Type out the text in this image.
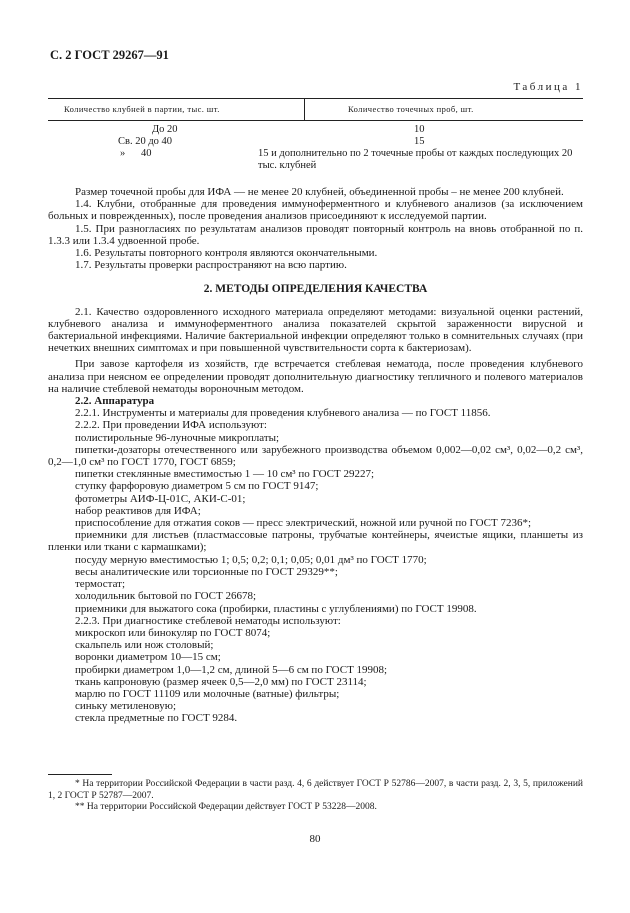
С. 2 ГОСТ 29267—91
Таблица 1
Количество клубней в партии, тыс. шт.	Количество точечных проб, шт.
До 20	10
Св. 20 до 40	15
»      40	15 и дополнительно по 2 точечные пробы от каждых последующих 20 тыс. клубней

Размер точечной пробы для ИФА — не менее 20 клубней, объединенной пробы – не менее 200 клубней.

1.4. Клубни, отобранные для проведения иммуноферментного и клубневого анализов (за исключением больных и поврежденных), после проведения анализов присоединяют к исследуемой партии.

1.5. При разногласиях по результатам анализов проводят повторный контроль на вновь отобранной по п. 1.3.3 или 1.3.4 удвоенной пробе.

1.6. Результаты повторного контроля являются окончательными.

1.7. Результаты проверки распространяют на всю партию.

2. МЕТОДЫ ОПРЕДЕЛЕНИЯ КАЧЕСТВА

2.1. Качество оздоровленного исходного материала определяют методами: визуальной оценки растений, клубневого анализа и иммуноферментного анализа показателей скрытой зараженности вирусной и бактериальной инфекциями. Наличие бактериальной инфекции определяют только в сомнительных случаях (при нечетких внешних симптомах и при повышенной чувствительности сорта к бактериозам).

При завозе картофеля из хозяйств, где встречается стеблевая нематода, после проведения клубневого анализа при неясном ее определении проводят дополнительную диагностику тепличного и полевого материалов на наличие стеблевой нематоды вороночным методом.

2.2. Аппаратура

2.2.1. Инструменты и материалы для проведения клубневого анализа — по ГОСТ 11856.

2.2.2. При проведении ИФА используют:

полистирольные 96-луночные микроплаты;

пипетки-дозаторы отечественного или зарубежного производства объемом 0,002—0,02 см³, 0,02—0,2 см³, 0,2—1,0 см³ по ГОСТ 1770, ГОСТ 6859;

пипетки стеклянные вместимостью 1 — 10 см³ по ГОСТ 29227;

ступку фарфоровую диаметром 5 см по ГОСТ 9147;

фотометры АИФ-Ц-01С, АКИ-С-01;

набор реактивов для ИФА;

приспособление для отжатия соков — пресс электрический, ножной или ручной по ГОСТ 7236*;

приемники для листьев (пластмассовые патроны, трубчатые контейнеры, ячеистые ящики, планшеты из пленки или ткани с кармашками);

посуду мерную вместимостью 1; 0,5; 0,2; 0,1; 0,05; 0,01 дм³ по ГОСТ 1770;

весы аналитические или торсионные по ГОСТ 29329**;

термостат;

холодильник бытовой по ГОСТ 26678;

приемники для выжатого сока (пробирки, пластины с углублениями) по ГОСТ 19908.

2.2.3. При диагностике стеблевой нематоды используют:

микроскоп или бинокуляр по ГОСТ 8074;

скальпель или нож столовый;

воронки диаметром 10—15 см;

пробирки диаметром 1,0—1,2 см, длиной 5—6 см по ГОСТ 19908;

ткань капроновую (размер ячеек 0,5—2,0 мм) по ГОСТ 23114;

марлю по ГОСТ 11109 или молочные (ватные) фильтры;

синьку метиленовую;

стекла предметные по ГОСТ 9284.

* На территории Российской Федерации в части разд. 4, 6 действует ГОСТ Р 52786—2007, в части разд. 2, 3, 5, приложений 1, 2 ГОСТ Р 52787—2007.

** На территории Российской Федерации действует ГОСТ Р 53228—2008.

80
